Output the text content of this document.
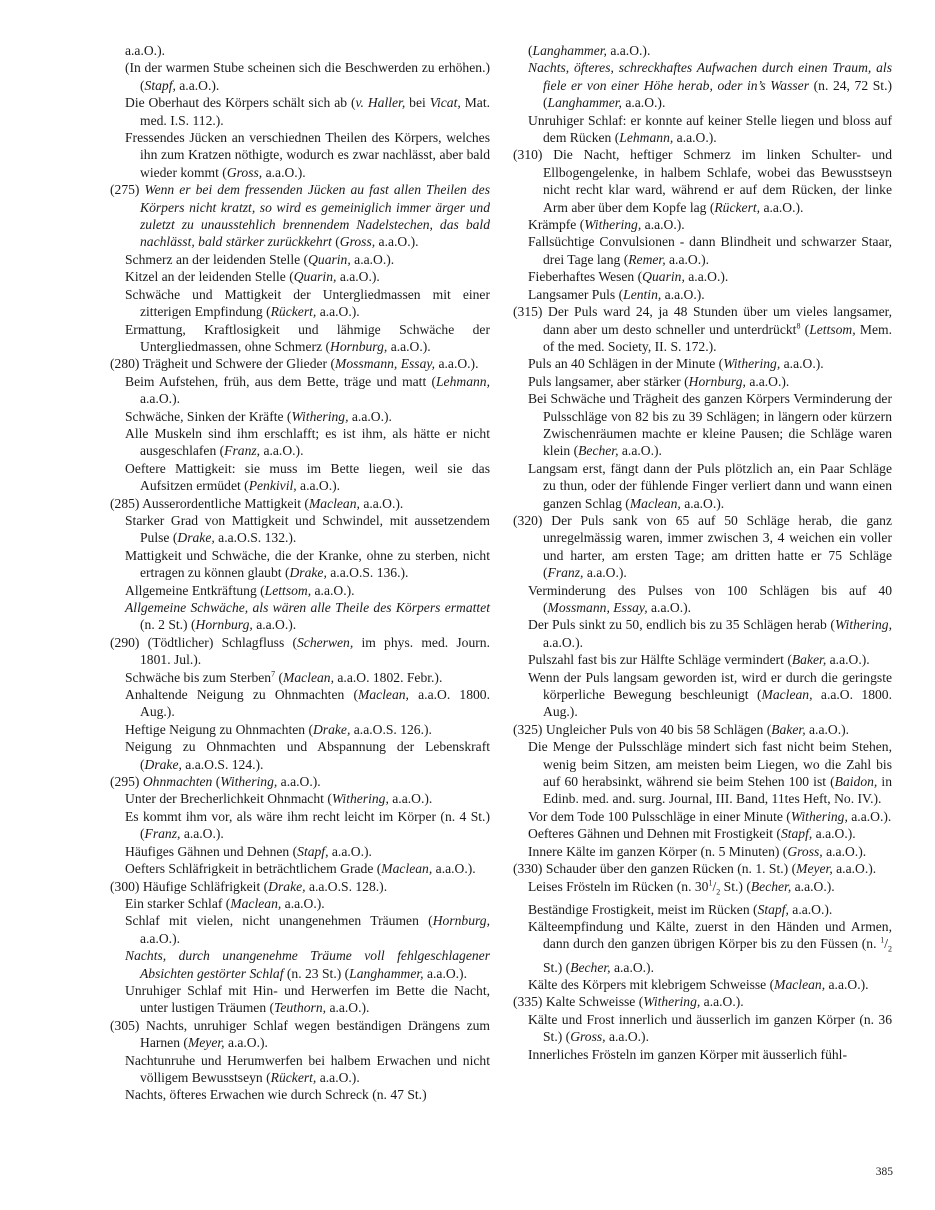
a.a.O.).
(In der warmen Stube scheinen sich die Beschwerden zu erhöhen.) (Stapf, a.a.O.).
Die Oberhaut des Körpers schält sich ab (v. Haller, bei Vicat, Mat. med. I.S. 112.).
Fressendes Jücken an verschiednen Theilen des Körpers, welches ihn zum Kratzen nöthigte, wodurch es zwar nachlässt, aber bald wieder kommt (Gross, a.a.O.).
(275) Wenn er bei dem fressenden Jücken au fast allen Theilen des Körpers nicht kratzt, so wird es gemeiniglich immer ärger und zuletzt zu unausstehlich brennendem Nadelstechen, das bald nachlässt, bald stärker zurückkehrt (Gross, a.a.O.).
Schmerz an der leidenden Stelle (Quarin, a.a.O.).
Kitzel an der leidenden Stelle (Quarin, a.a.O.).
Schwäche und Mattigkeit der Untergliedmassen mit einer zitterigen Empfindung (Rückert, a.a.O.).
Ermattung, Kraftlosigkeit und lähmige Schwäche der Untergliedmassen, ohne Schmerz (Hornburg, a.a.O.).
(280) Trägheit und Schwere der Glieder (Mossmann, Essay, a.a.O.).
Beim Aufstehen, früh, aus dem Bette, träge und matt (Lehmann, a.a.O.).
Schwäche, Sinken der Kräfte (Withering, a.a.O.).
Alle Muskeln sind ihm erschlafft; es ist ihm, als hätte er nicht ausgeschlafen (Franz, a.a.O.).
Oeftere Mattigkeit: sie muss im Bette liegen, weil sie das Aufsitzen ermüdet (Penkivil, a.a.O.).
(285) Ausserordentliche Mattigkeit (Maclean, a.a.O.).
Starker Grad von Mattigkeit und Schwindel, mit aussetzendem Pulse (Drake, a.a.O.S. 132.).
Mattigkeit und Schwäche, die der Kranke, ohne zu sterben, nicht ertragen zu können glaubt (Drake, a.a.O.S. 136.).
Allgemeine Entkräftung (Lettsom, a.a.O.).
Allgemeine Schwäche, als wären alle Theile des Körpers ermattet (n. 2 St.) (Hornburg, a.a.O.).
(290) (Tödtlicher) Schlagfluss (Scherwen, im phys. med. Journ. 1801. Jul.).
Schwäche bis zum Sterben$^7$ (Maclean, a.a.O. 1802. Febr.).
Anhaltende Neigung zu Ohnmachten (Maclean, a.a.O. 1800. Aug.).
Heftige Neigung zu Ohnmachten (Drake, a.a.O.S. 126.).
Neigung zu Ohnmachten und Abspannung der Lebenskraft (Drake, a.a.O.S. 124.).
(295) Ohnmachten (Withering, a.a.O.).
Unter der Brecherlichkeit Ohnmacht (Withering, a.a.O.).
Es kommt ihm vor, als wäre ihm recht leicht im Körper (n. 4 St.) (Franz, a.a.O.).
Häufiges Gähnen und Dehnen (Stapf, a.a.O.).
Oefters Schläfrigkeit in beträchtlichem Grade (Maclean, a.a.O.).
(300) Häufige Schläfrigkeit (Drake, a.a.O.S. 128.).
Ein starker Schlaf (Maclean, a.a.O.).
Schlaf mit vielen, nicht unangenehmen Träumen (Hornburg, a.a.O.).
Nachts, durch unangenehme Träume voll fehlgeschlagener Absichten gestörter Schlaf (n. 23 St.) (Langhammer, a.a.O.).
Unruhiger Schlaf mit Hin- und Herwerfen im Bette die Nacht, unter lustigen Träumen (Teuthorn, a.a.O.).
(305) Nachts, unruhiger Schlaf wegen beständigen Drängens zum Harnen (Meyer, a.a.O.).
Nachtunruhe und Herumwerfen bei halbem Erwachen und nicht völligem Bewusstseyn (Rückert, a.a.O.).
Nachts, öfteres Erwachen wie durch Schreck (n. 47 St.)
(Langhammer, a.a.O.).
Nachts, öfteres, schreckhaftes Aufwachen durch einen Traum, als fiele er von einer Höhe herab, oder in’s Wasser (n. 24, 72 St.) (Langhammer, a.a.O.).
Unruhiger Schlaf: er konnte auf keiner Stelle liegen und bloss auf dem Rücken (Lehmann, a.a.O.).
(310) Die Nacht, heftiger Schmerz im linken Schulter- und Ellbogengelenke, in halbem Schlafe, wobei das Bewusstseyn nicht recht klar ward, während er auf dem Rücken, der linke Arm aber über dem Kopfe lag (Rückert, a.a.O.).
Krämpfe (Withering, a.a.O.).
Fallsüchtige Convulsionen - dann Blindheit und schwarzer Staar, drei Tage lang (Remer, a.a.O.).
Fieberhaftes Wesen (Quarin, a.a.O.).
Langsamer Puls (Lentin, a.a.O.).
(315) Der Puls ward 24, ja 48 Stunden über um vieles langsamer, dann aber um desto schneller und unterdrückt$^8$ (Lettsom, Mem. of the med. Society, II. S. 172.).
Puls an 40 Schlägen in der Minute (Withering, a.a.O.).
Puls langsamer, aber stärker (Hornburg, a.a.O.).
Bei Schwäche und Trägheit des ganzen Körpers Verminderung der Pulsschläge von 82 bis zu 39 Schlägen; in längern oder kürzern Zwischenräumen machte er kleine Pausen; die Schläge waren klein (Becher, a.a.O.).
Langsam erst, fängt dann der Puls plötzlich an, ein Paar Schläge zu thun, oder der fühlende Finger verliert dann und wann einen ganzen Schlag (Maclean, a.a.O.).
(320) Der Puls sank von 65 auf 50 Schläge herab, die ganz unregelmässig waren, immer zwischen 3, 4 weichen ein voller und harter, am ersten Tage; am dritten hatte er 75 Schläge (Franz, a.a.O.).
Verminderung des Pulses von 100 Schlägen bis auf 40 (Mossmann, Essay, a.a.O.).
Der Puls sinkt zu 50, endlich bis zu 35 Schlägen herab (Withering, a.a.O.).
Pulszahl fast bis zur Hälfte Schläge vermindert (Baker, a.a.O.).
Wenn der Puls langsam geworden ist, wird er durch die geringste körperliche Bewegung beschleunigt (Maclean, a.a.O. 1800. Aug.).
(325) Ungleicher Puls von 40 bis 58 Schlägen (Baker, a.a.O.).
Die Menge der Pulsschläge mindert sich fast nicht beim Stehen, wenig beim Sitzen, am meisten beim Liegen, wo die Zahl bis auf 60 herabsinkt, während sie beim Stehen 100 ist (Baidon, in Edinb. med. and. surg. Journal, III. Band, 11tes Heft, No. IV.).
Vor dem Tode 100 Pulsschläge in einer Minute (Withering, a.a.O.).
Oefteres Gähnen und Dehnen mit Frostigkeit (Stapf, a.a.O.).
Innere Kälte im ganzen Körper (n. 5 Minuten) (Gross, a.a.O.).
(330) Schauder über den ganzen Rücken (n. 1. St.) (Meyer, a.a.O.).
Leises Frösteln im Rücken (n. $30^1/_2$ St.) (Becher, a.a.O.).
Beständige Frostigkeit, meist im Rücken (Stapf, a.a.O.).
Kälteempfindung und Kälte, zuerst in den Händen und Armen, dann durch den ganzen übrigen Körper bis zu den Füssen (n. $^1/_2$ St.) (Becher, a.a.O.).
Kälte des Körpers mit klebrigem Schweisse (Maclean, a.a.O.).
(335) Kalte Schweisse (Withering, a.a.O.).
Kälte und Frost innerlich und äusserlich im ganzen Körper (n. 36 St.) (Gross, a.a.O.).
Innerliches Frösteln im ganzen Körper mit äusserlich fühl-
385
